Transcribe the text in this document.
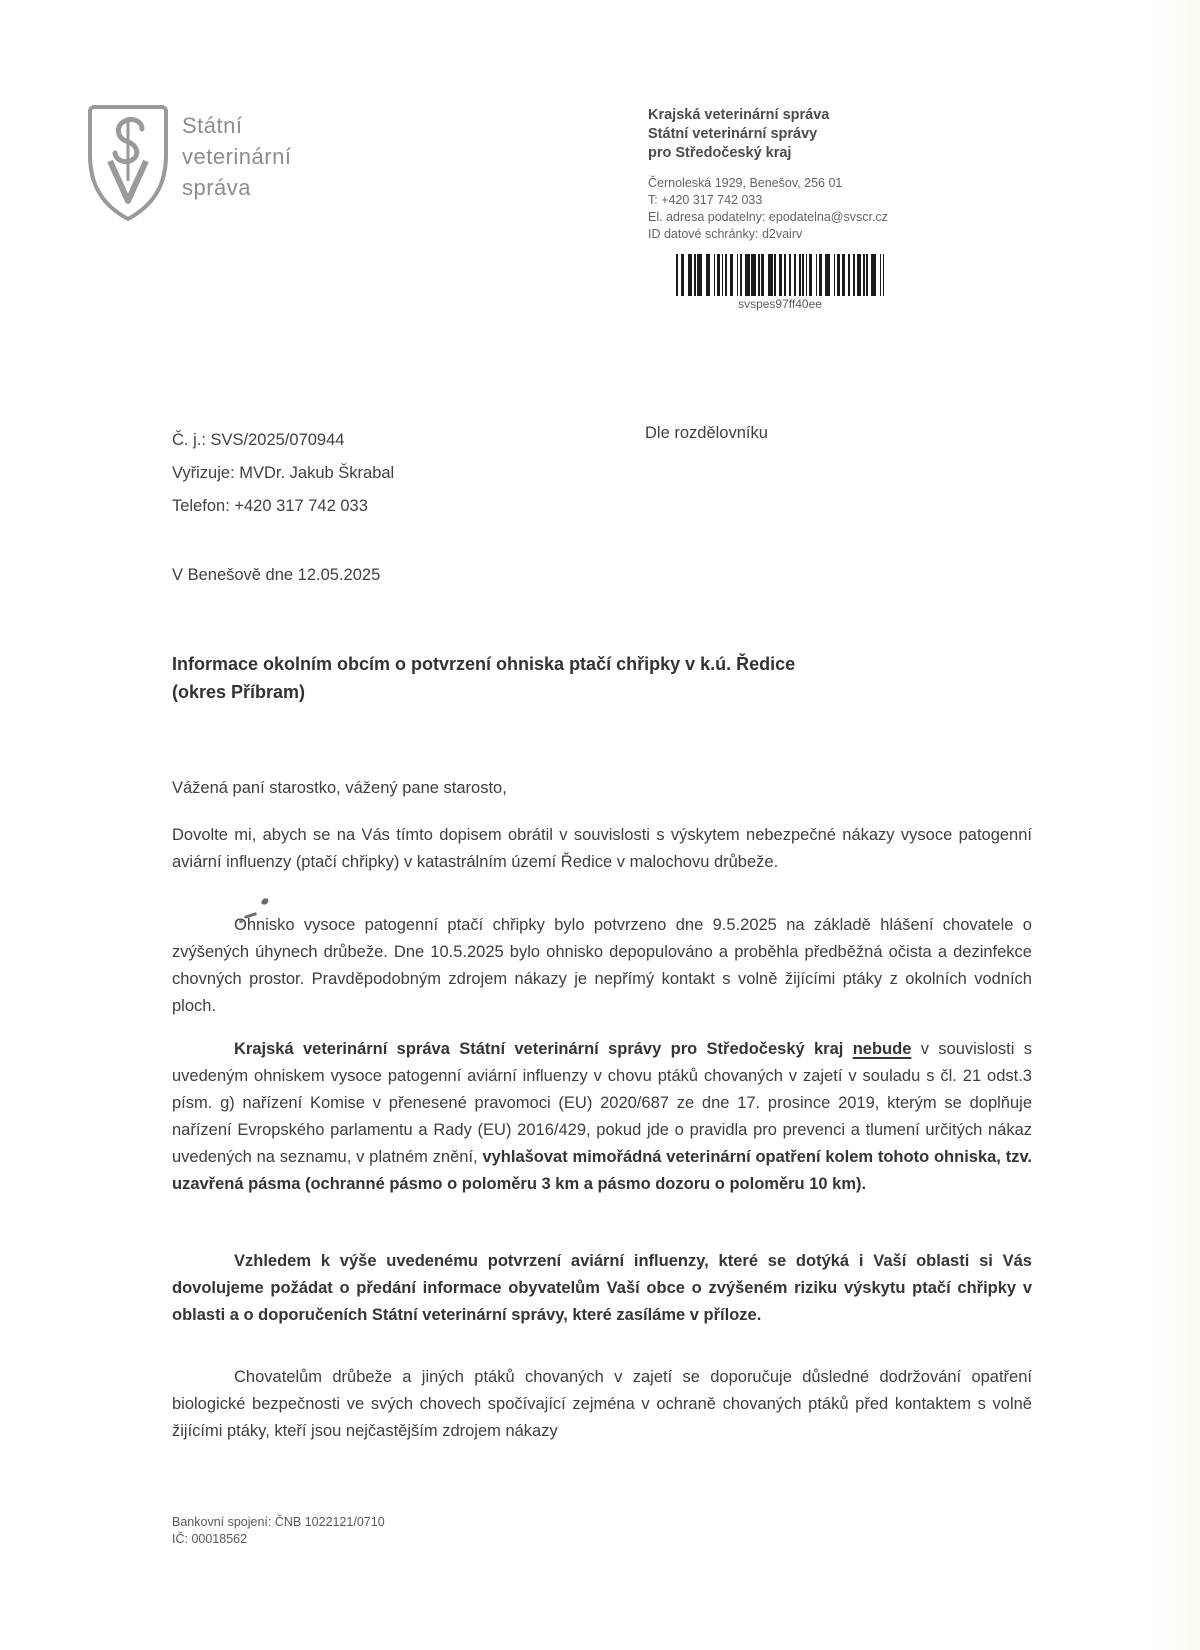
Státní
veterinární
správa
Krajská veterinární správa
Státní veterinární správy
pro Středočeský kraj
Černoleská 1929, Benešov, 256 01
T: +420 317 742 033
El. adresa podatelny: epodatelna@svscr.cz
ID datové schránky: d2vairv
svspes97ff40ee
Č. j.: SVS/2025/070944
Vyřizuje: MVDr. Jakub Škrabal
Telefon: +420 317 742 033
Dle rozdělovníku
V Benešově dne 12.05.2025
Informace okolním obcím o potvrzení ohniska ptačí chřipky v k.ú. Ředice
(okres Příbram)
Vážená paní starostko, vážený pane starosto,

Dovolte mi, abych se na Vás tímto dopisem obrátil v souvislosti s výskytem nebezpečné nákazy vysoce patogenní aviární influenzy (ptačí chřipky) v katastrálním území Ředice v malochovu drůbeže.

Ohnisko vysoce patogenní ptačí chřipky bylo potvrzeno dne 9.5.2025 na základě hlášení chovatele o zvýšených úhynech drůbeže. Dne 10.5.2025 bylo ohnisko depopulováno a proběhla předběžná očista a dezinfekce chovných prostor. Pravděpodobným zdrojem nákazy je nepřímý kontakt s volně žijícími ptáky z okolních vodních ploch.

Krajská veterinární správa Státní veterinární správy pro Středočeský kraj nebude v souvislosti s uvedeným ohniskem vysoce patogenní aviární influenzy v chovu ptáků chovaných v zajetí v souladu s čl. 21 odst.3 písm. g) nařízení Komise v přenesené pravomoci (EU) 2020/687 ze dne 17. prosince 2019, kterým se doplňuje nařízení Evropského parlamentu a Rady (EU) 2016/429, pokud jde o pravidla pro prevenci a tlumení určitých nákaz uvedených na seznamu, v platném znění, vyhlašovat mimořádná veterinární opatření kolem tohoto ohniska, tzv. uzavřená pásma (ochranné pásmo o poloměru 3 km a pásmo dozoru o poloměru 10 km).

Vzhledem k výše uvedenému potvrzení aviární influenzy, které se dotýká i Vaší oblasti si Vás dovolujeme požádat o předání informace obyvatelům Vaší obce o zvýšeném riziku výskytu ptačí chřipky v oblasti a o doporučeních Státní veterinární správy, které zasíláme v příloze.

Chovatelům drůbeže a jiných ptáků chovaných v zajetí se doporučuje důsledné dodržování opatření biologické bezpečnosti ve svých chovech spočívající zejména v ochraně chovaných ptáků před kontaktem s volně žijícími ptáky, kteří jsou nejčastějším zdrojem nákazy

Bankovní spojení: ČNB 1022121/0710
IČ: 00018562
